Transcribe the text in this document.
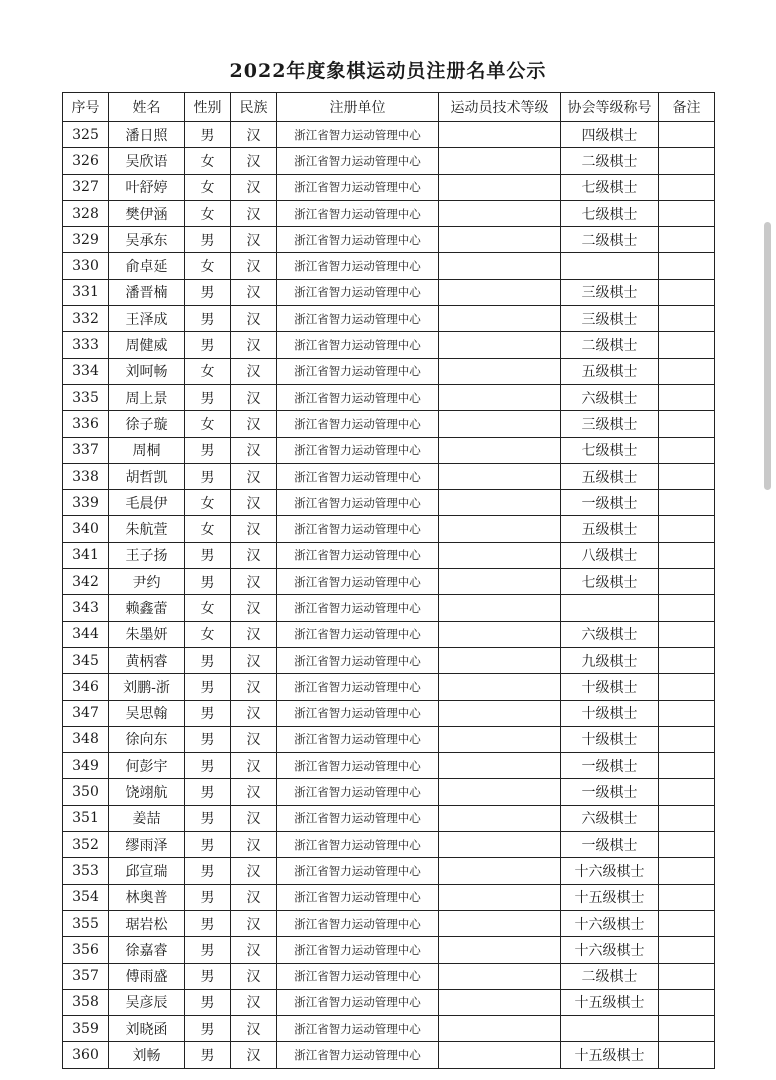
2022年度象棋运动员注册名单公示
序号	姓名	性别	民族	注册单位	运动员技术等级	协会等级称号	备注
325	潘日照	男	汉	浙江省智力运动管理中心		四级棋士	
326	吴欣语	女	汉	浙江省智力运动管理中心		二级棋士	
327	叶舒婷	女	汉	浙江省智力运动管理中心		七级棋士	
328	樊伊涵	女	汉	浙江省智力运动管理中心		七级棋士	
329	吴承东	男	汉	浙江省智力运动管理中心		二级棋士	
330	俞卓延	女	汉	浙江省智力运动管理中心			
331	潘晋楠	男	汉	浙江省智力运动管理中心		三级棋士	
332	王泽成	男	汉	浙江省智力运动管理中心		三级棋士	
333	周健威	男	汉	浙江省智力运动管理中心		二级棋士	
334	刘呵畅	女	汉	浙江省智力运动管理中心		五级棋士	
335	周上景	男	汉	浙江省智力运动管理中心		六级棋士	
336	徐子璇	女	汉	浙江省智力运动管理中心		三级棋士	
337	周桐	男	汉	浙江省智力运动管理中心		七级棋士	
338	胡哲凯	男	汉	浙江省智力运动管理中心		五级棋士	
339	毛晨伊	女	汉	浙江省智力运动管理中心		一级棋士	
340	朱航萱	女	汉	浙江省智力运动管理中心		五级棋士	
341	王子扬	男	汉	浙江省智力运动管理中心		八级棋士	
342	尹约	男	汉	浙江省智力运动管理中心		七级棋士	
343	赖鑫蕾	女	汉	浙江省智力运动管理中心			
344	朱墨妍	女	汉	浙江省智力运动管理中心		六级棋士	
345	黄柄睿	男	汉	浙江省智力运动管理中心		九级棋士	
346	刘鹏-浙	男	汉	浙江省智力运动管理中心		十级棋士	
347	吴思翰	男	汉	浙江省智力运动管理中心		十级棋士	
348	徐向东	男	汉	浙江省智力运动管理中心		十级棋士	
349	何彭宇	男	汉	浙江省智力运动管理中心		一级棋士	
350	饶翊航	男	汉	浙江省智力运动管理中心		一级棋士	
351	姜喆	男	汉	浙江省智力运动管理中心		六级棋士	
352	缪雨泽	男	汉	浙江省智力运动管理中心		一级棋士	
353	邱宣瑞	男	汉	浙江省智力运动管理中心		十六级棋士	
354	林奥普	男	汉	浙江省智力运动管理中心		十五级棋士	
355	琚岩松	男	汉	浙江省智力运动管理中心		十六级棋士	
356	徐嘉睿	男	汉	浙江省智力运动管理中心		十六级棋士	
357	傅雨盛	男	汉	浙江省智力运动管理中心		二级棋士	
358	吴彦辰	男	汉	浙江省智力运动管理中心		十五级棋士	
359	刘晓函	男	汉	浙江省智力运动管理中心			
360	刘畅	男	汉	浙江省智力运动管理中心		十五级棋士	
